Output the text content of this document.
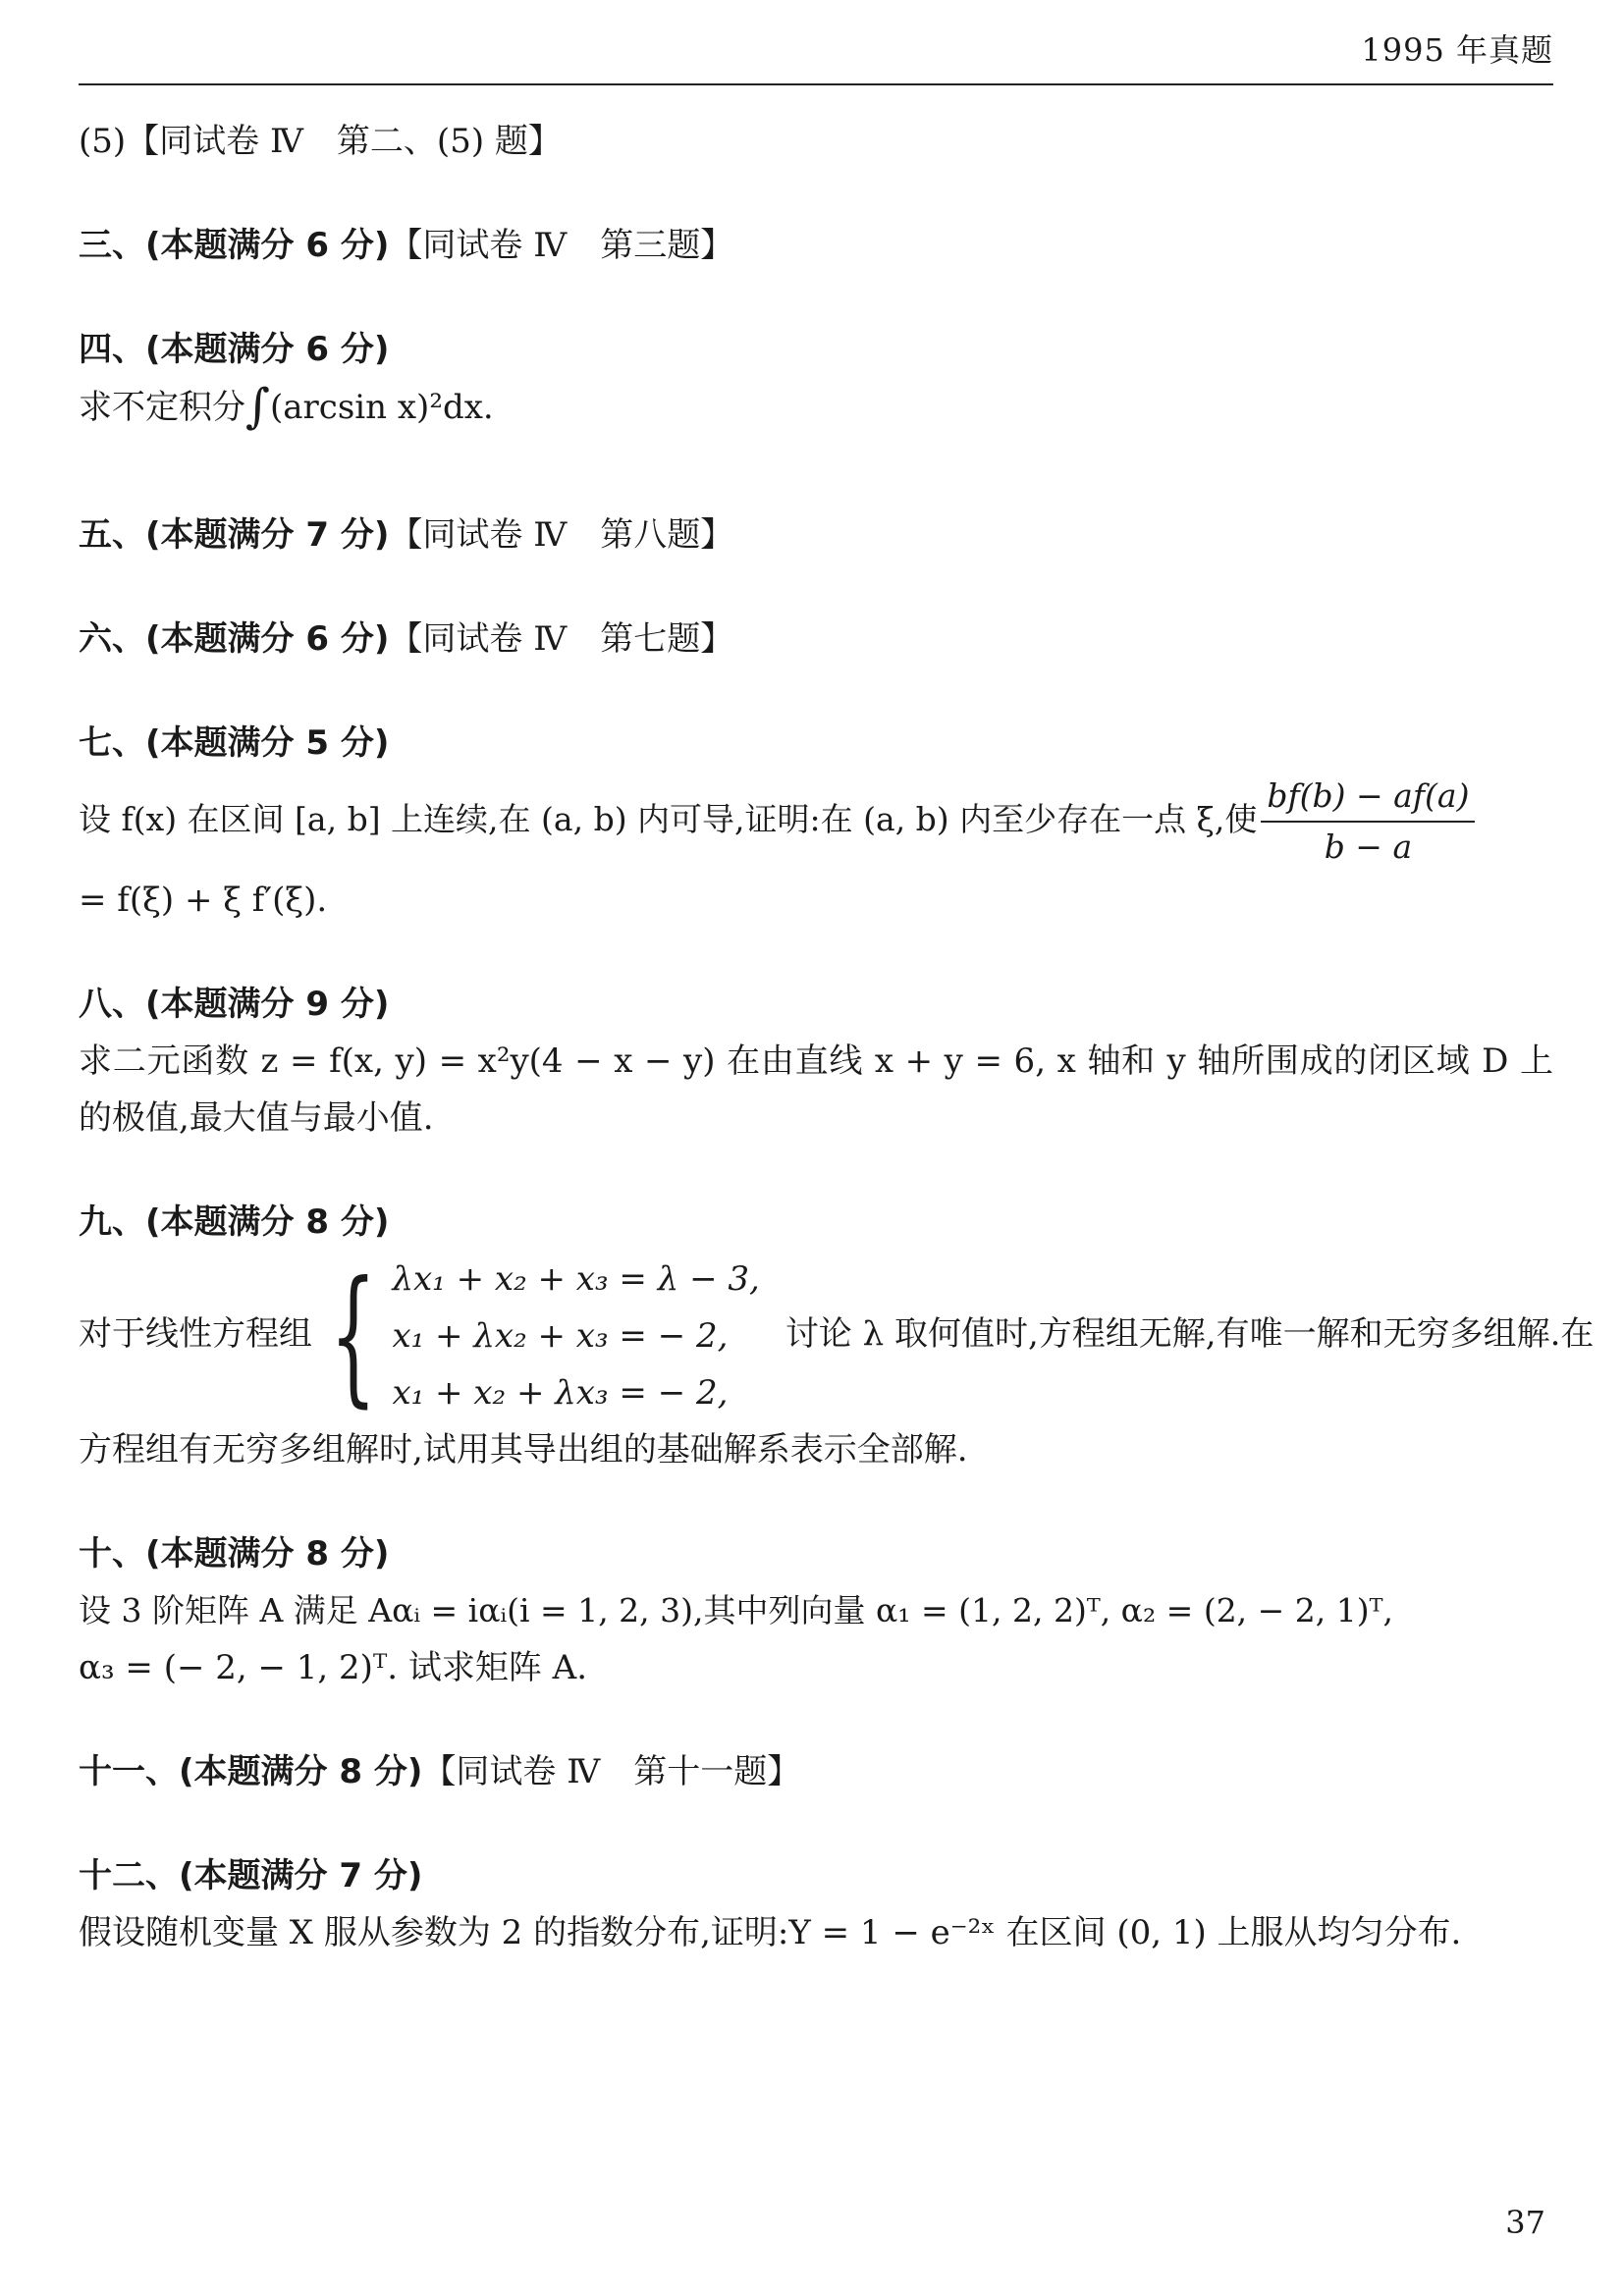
1995 年真题

(5)【同试卷 Ⅳ　第二、(5) 题】

三、(本题满分 6 分)【同试卷 Ⅳ　第三题】

四、(本题满分 6 分)

求不定积分∫(arcsin x)²dx.

五、(本题满分 7 分)【同试卷 Ⅳ　第八题】

六、(本题满分 6 分)【同试卷 Ⅳ　第七题】

七、(本题满分 5 分)

设 f(x) 在区间 [a, b] 上连续,在 (a, b) 内可导,证明:在 (a, b) 内至少存在一点 ξ,使 $\frac{bf(b) - af(a)}{b - a}$

= f(ξ) + ξ f′(ξ).

八、(本题满分 9 分)

求二元函数 z = f(x, y) = x²y(4 − x − y) 在由直线 x + y = 6, x 轴和 y 轴所围成的闭区域 D 上的极值,最大值与最小值.

九、(本题满分 8 分)

对于线性方程组 { λx₁ + x₂ + x₃ = λ − 3,
x₁ + λx₂ + x₃ = − 2,
x₁ + x₂ + λx₃ = − 2,
讨论 λ 取何值时,方程组无解,有唯一解和无穷多组解.在

方程组有无穷多组解时,试用其导出组的基础解系表示全部解.

十、(本题满分 8 分)

设 3 阶矩阵 A 满足 Aαᵢ = iαᵢ(i = 1, 2, 3),其中列向量 α₁ = (1, 2, 2)ᵀ, α₂ = (2, − 2, 1)ᵀ,

α₃ = (− 2, − 1, 2)ᵀ. 试求矩阵 A.

十一、(本题满分 8 分)【同试卷 Ⅳ　第十一题】

十二、(本题满分 7 分)

假设随机变量 X 服从参数为 2 的指数分布,证明:Y = 1 − e⁻²ˣ 在区间 (0, 1) 上服从均匀分布.

37
